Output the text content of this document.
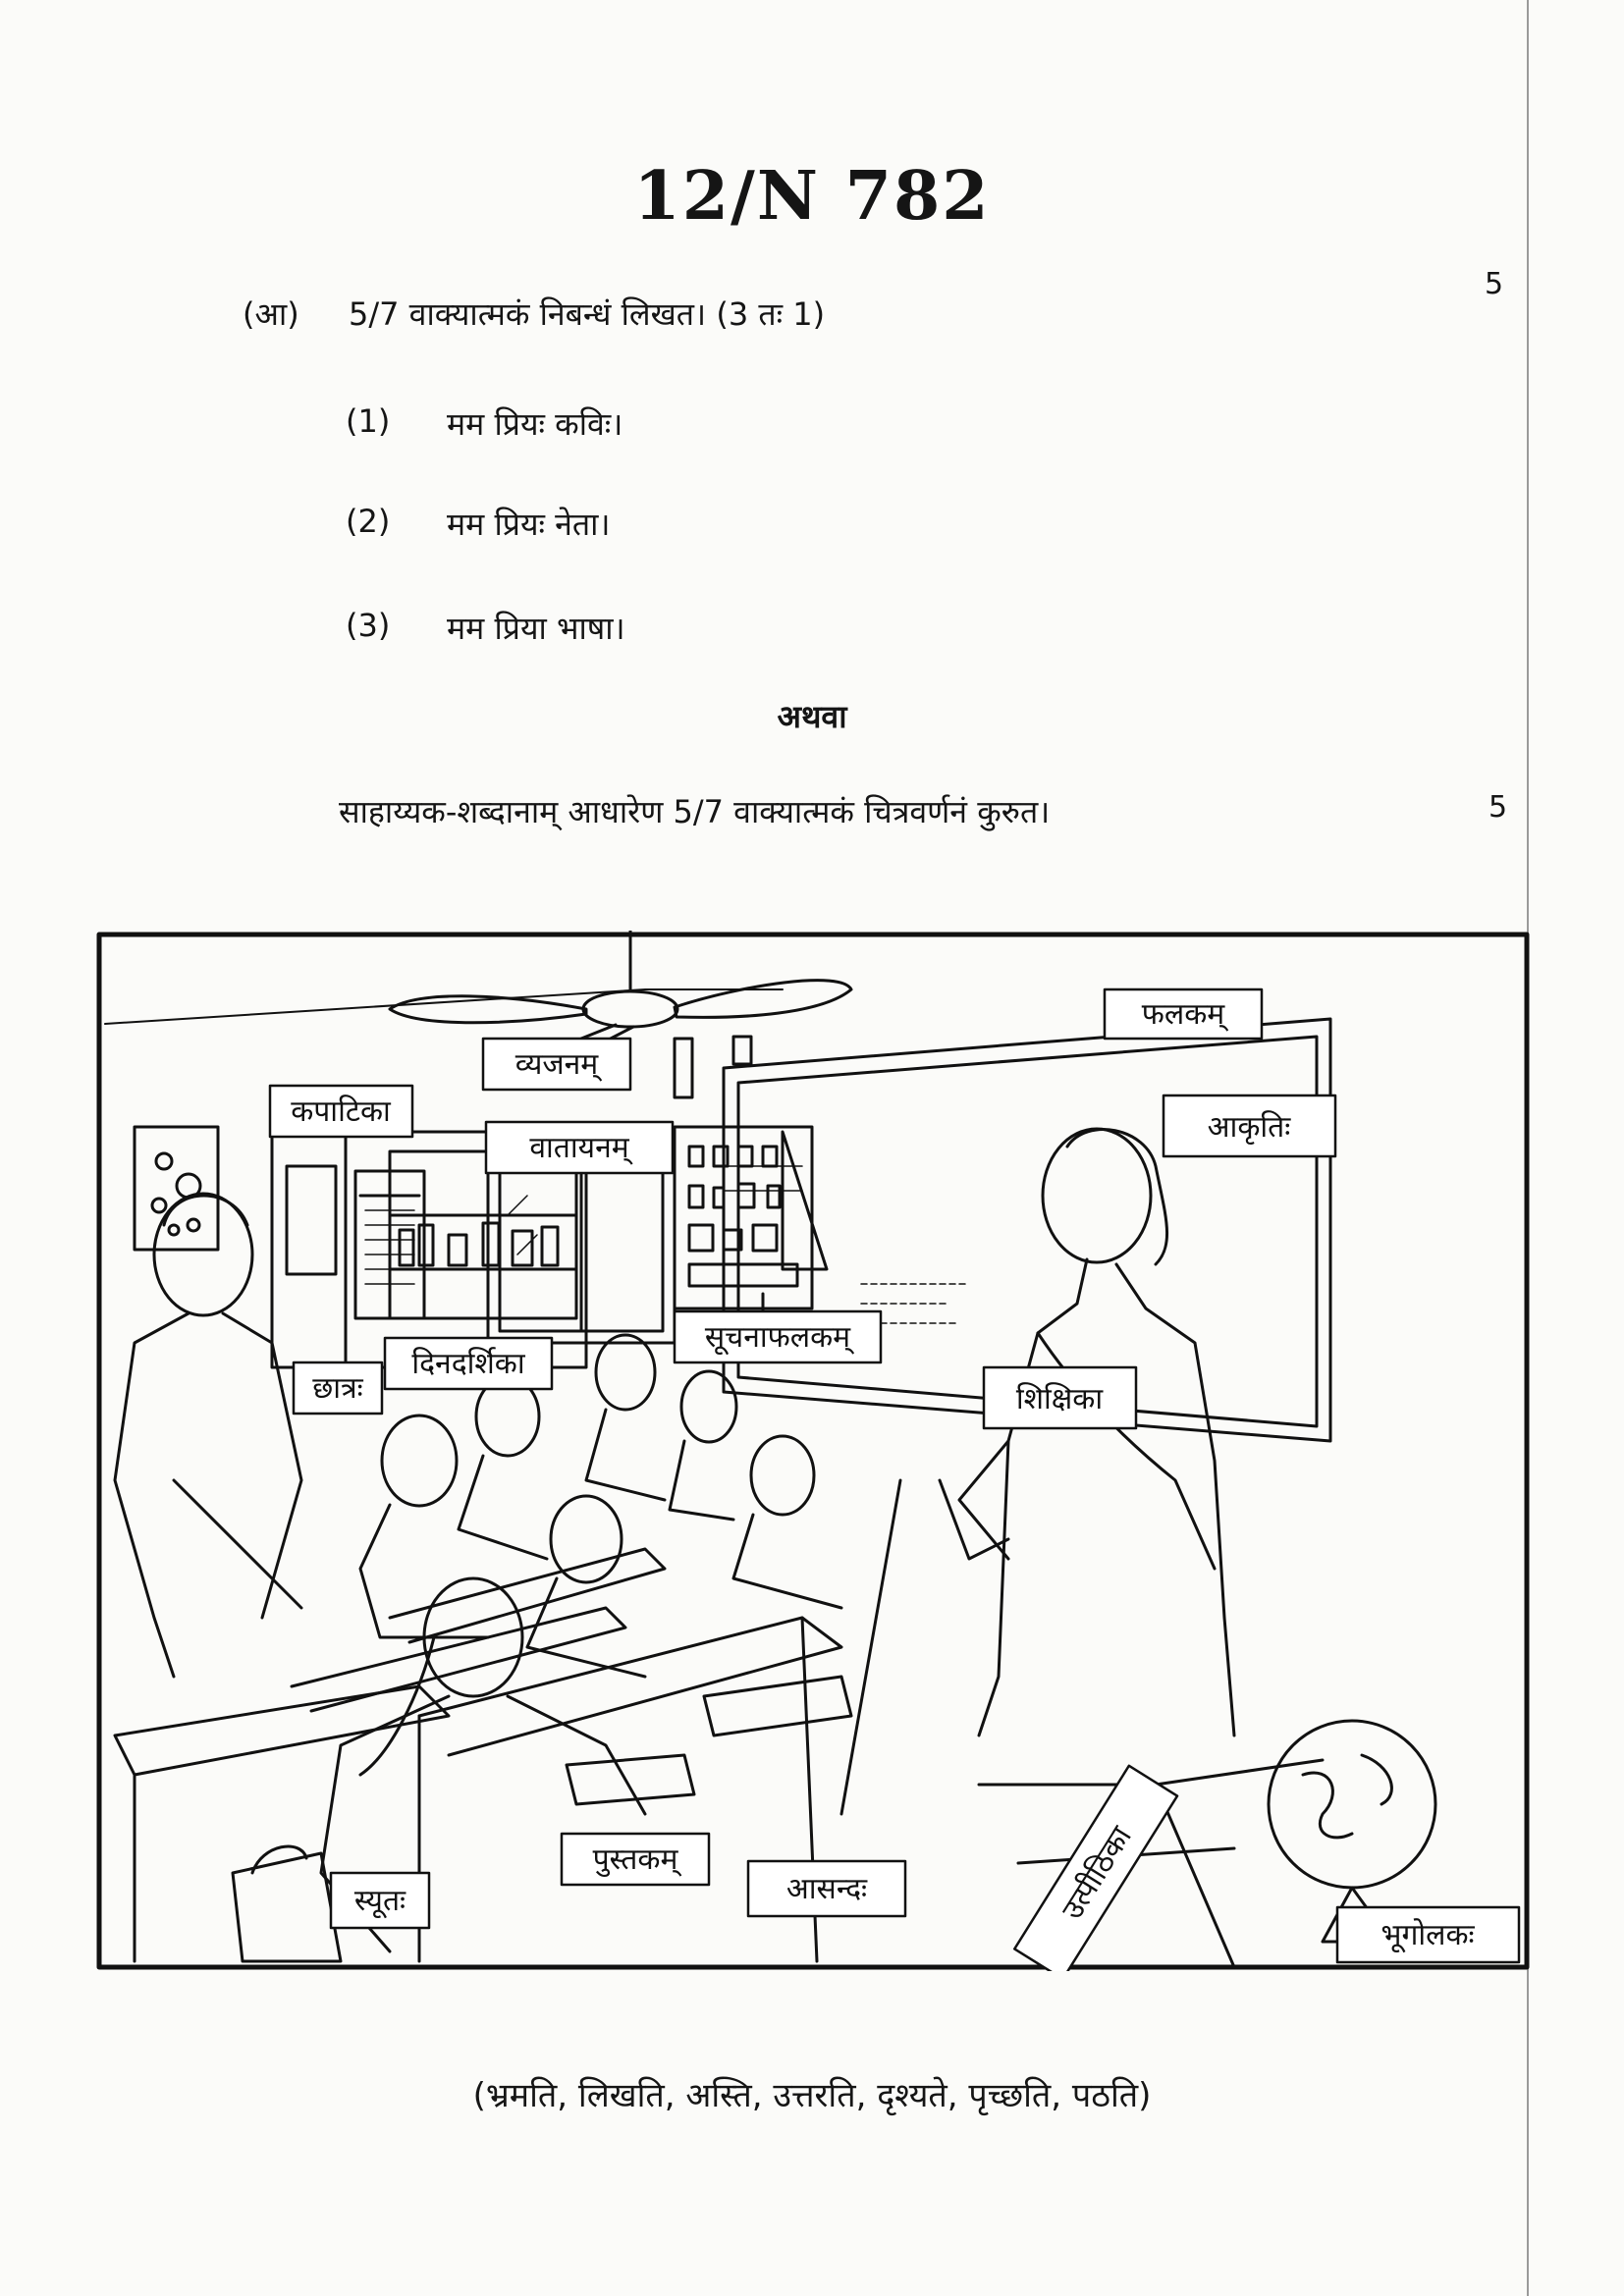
12/N 782
5
(आ) 5/7 वाक्यात्मकं निबन्धं लिखत। (3 तः 1)
(1) मम प्रियः कविः।
(2) मम प्रियः नेता।
(3) मम प्रिया भाषा।
अथवा
साहाय्यक-शब्दानाम् आधारेण 5/7 वाक्यात्मकं चित्रवर्णनं कुरुत।	5
फलकम्
व्यजनम्
कपाटिका
वातायनम्
आकृतिः
छात्रः
दिनदर्शिका
सूचनाफलकम्
शिक्षिका
स्यूतः
पुस्तकम्
आसन्दः	उत्पीठिका
भूगोलकः
(भ्रमति, लिखति, अस्ति, उत्तरति, दृश्यते, पृच्छति, पठति)
